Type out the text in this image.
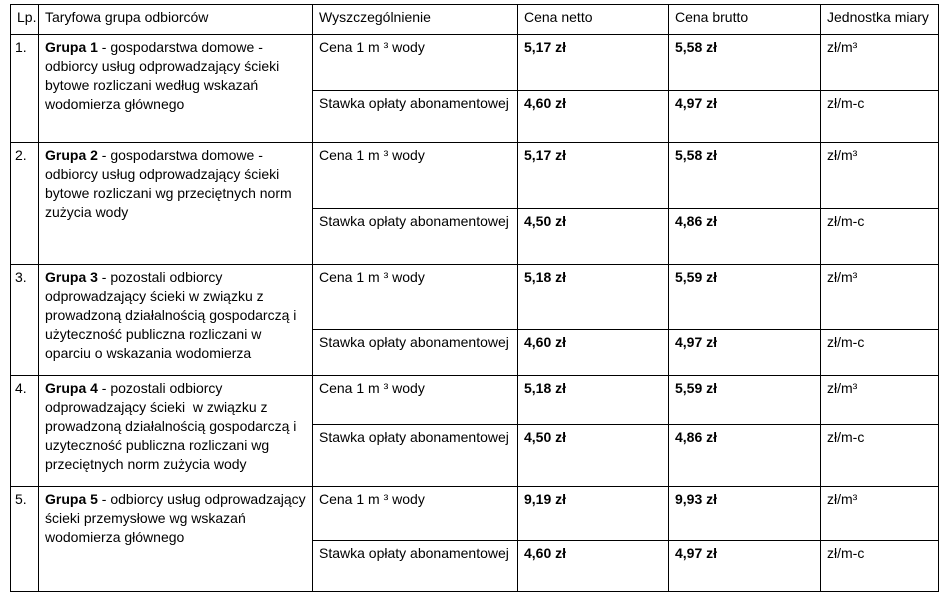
Lp.	Taryfowa grupa odbiorców	Wyszczególnienie	Cena netto	Cena brutto	Jednostka miary
1.	Grupa 1 - gospodarstwa domowe - odbiorcy usług odprowadzający ścieki bytowe rozliczani według wskazań wodomierza głównego	Cena 1 m ³ wody	5,17 zł	5,58 zł	zł/m³
		Stawka opłaty abonamentowej	4,60 zł	4,97 zł	zł/m-c
2.	Grupa 2 - gospodarstwa domowe - odbiorcy usług odprowadzający ścieki bytowe rozliczani wg przeciętnych norm zużycia wody	Cena 1 m ³ wody	5,17 zł	5,58 zł	zł/m³
		Stawka opłaty abonamentowej	4,50 zł	4,86 zł	zł/m-c
3.	Grupa 3 - pozostali odbiorcy odprowadzający ścieki w związku z prowadzoną działalnością gospodarczą i użyteczność publiczna rozliczani w oparciu o wskazania wodomierza	Cena 1 m ³ wody	5,18 zł	5,59 zł	zł/m³
		Stawka opłaty abonamentowej	4,60 zł	4,97 zł	zł/m-c
4.	Grupa 4 - pozostali odbiorcy odprowadzający ścieki  w związku z prowadzoną działalnością gospodarczą i uzyteczność publiczna rozliczani wg przeciętnych norm zużycia wody	Cena 1 m ³ wody	5,18 zł	5,59 zł	zł/m³
		Stawka opłaty abonamentowej	4,50 zł	4,86 zł	zł/m-c
5.	Grupa 5 - odbiorcy usług odprowadzający ścieki przemysłowe wg wskazań wodomierza głównego	Cena 1 m ³ wody	9,19 zł	9,93 zł	zł/m³
		Stawka opłaty abonamentowej	4,60 zł	4,97 zł	zł/m-c
